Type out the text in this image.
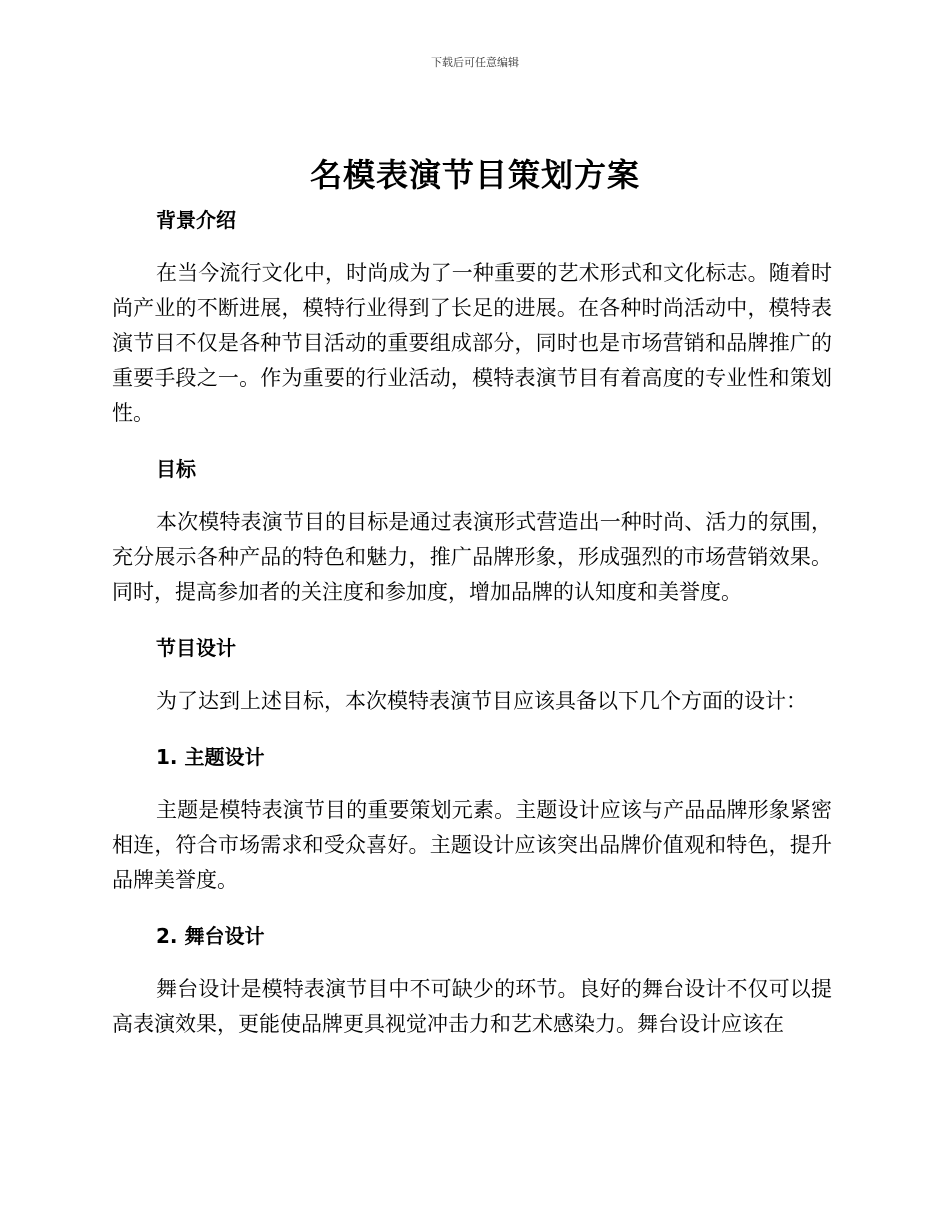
下载后可任意编辑
名模表演节目策划方案

背景介绍

在当今流行文化中，时尚成为了一种重要的艺术形式和文化标志。随着时尚产业的不断进展，模特行业得到了长足的进展。在各种时尚活动中，模特表演节目不仅是各种节目活动的重要组成部分，同时也是市场营销和品牌推广的重要手段之一。作为重要的行业活动，模特表演节目有着高度的专业性和策划性。

目标

本次模特表演节目的目标是通过表演形式营造出一种时尚、活力的氛围，充分展示各种产品的特色和魅力，推广品牌形象，形成强烈的市场营销效果。同时，提高参加者的关注度和参加度，增加品牌的认知度和美誉度。

节目设计

为了达到上述目标，本次模特表演节目应该具备以下几个方面的设计：

1. 主题设计

主题是模特表演节目的重要策划元素。主题设计应该与产品品牌形象紧密相连，符合市场需求和受众喜好。主题设计应该突出品牌价值观和特色，提升品牌美誉度。

2. 舞台设计

舞台设计是模特表演节目中不可缺少的环节。良好的舞台设计不仅可以提高表演效果，更能使品牌更具视觉冲击力和艺术感染力。舞台设计应该在
